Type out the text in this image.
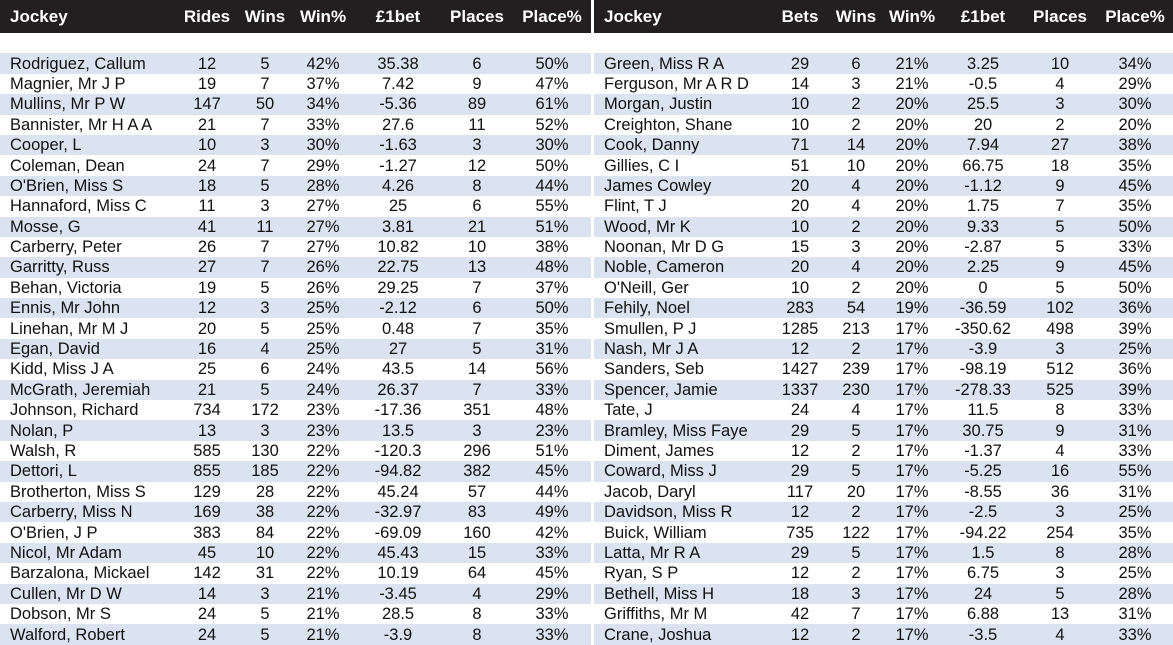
Jockey	Rides	Wins	Win%	£1bet	Places	Place%

Rodriguez, Callum	12	5	42%	35.38	6	50%
Magnier, Mr J P	19	7	37%	7.42	9	47%
Mullins, Mr P W	147	50	34%	-5.36	89	61%
Bannister, Mr H A A	21	7	33%	27.6	11	52%
Cooper, L	10	3	30%	-1.63	3	30%
Coleman, Dean	24	7	29%	-1.27	12	50%
O'Brien, Miss S	18	5	28%	4.26	8	44%
Hannaford, Miss C	11	3	27%	25	6	55%
Mosse, G	41	11	27%	3.81	21	51%
Carberry, Peter	26	7	27%	10.82	10	38%
Garritty, Russ	27	7	26%	22.75	13	48%
Behan, Victoria	19	5	26%	29.25	7	37%
Ennis, Mr John	12	3	25%	-2.12	6	50%
Linehan, Mr M J	20	5	25%	0.48	7	35%
Egan, David	16	4	25%	27	5	31%
Kidd, Miss J A	25	6	24%	43.5	14	56%
McGrath, Jeremiah	21	5	24%	26.37	7	33%
Johnson, Richard	734	172	23%	-17.36	351	48%
Nolan, P	13	3	23%	13.5	3	23%
Walsh, R	585	130	22%	-120.3	296	51%
Dettori, L	855	185	22%	-94.82	382	45%
Brotherton, Miss S	129	28	22%	45.24	57	44%
Carberry, Miss N	169	38	22%	-32.97	83	49%
O'Brien, J P	383	84	22%	-69.09	160	42%
Nicol, Mr Adam	45	10	22%	45.43	15	33%
Barzalona, Mickael	142	31	22%	10.19	64	45%
Cullen, Mr D W	14	3	21%	-3.45	4	29%
Dobson, Mr S	24	5	21%	28.5	8	33%
Walford, Robert	24	5	21%	-3.9	8	33%
Jockey	Bets	Wins	Win%	£1bet	Places	Place%

Green, Miss R A	29	6	21%	3.25	10	34%
Ferguson, Mr A R D	14	3	21%	-0.5	4	29%
Morgan, Justin	10	2	20%	25.5	3	30%
Creighton, Shane	10	2	20%	20	2	20%
Cook, Danny	71	14	20%	7.94	27	38%
Gillies, C I	51	10	20%	66.75	18	35%
James Cowley	20	4	20%	-1.12	9	45%
Flint, T J	20	4	20%	1.75	7	35%
Wood, Mr K	10	2	20%	9.33	5	50%
Noonan, Mr D G	15	3	20%	-2.87	5	33%
Noble, Cameron	20	4	20%	2.25	9	45%
O'Neill, Ger	10	2	20%	0	5	50%
Fehily, Noel	283	54	19%	-36.59	102	36%
Smullen, P J	1285	213	17%	-350.62	498	39%
Nash, Mr J A	12	2	17%	-3.9	3	25%
Sanders, Seb	1427	239	17%	-98.19	512	36%
Spencer, Jamie	1337	230	17%	-278.33	525	39%
Tate, J	24	4	17%	11.5	8	33%
Bramley, Miss Faye	29	5	17%	30.75	9	31%
Diment, James	12	2	17%	-1.37	4	33%
Coward, Miss J	29	5	17%	-5.25	16	55%
Jacob, Daryl	117	20	17%	-8.55	36	31%
Davidson, Miss R	12	2	17%	-2.5	3	25%
Buick, William	735	122	17%	-94.22	254	35%
Latta, Mr R A	29	5	17%	1.5	8	28%
Ryan, S P	12	2	17%	6.75	3	25%
Bethell, Miss H	18	3	17%	24	5	28%
Griffiths, Mr M	42	7	17%	6.88	13	31%
Crane, Joshua	12	2	17%	-3.5	4	33%
